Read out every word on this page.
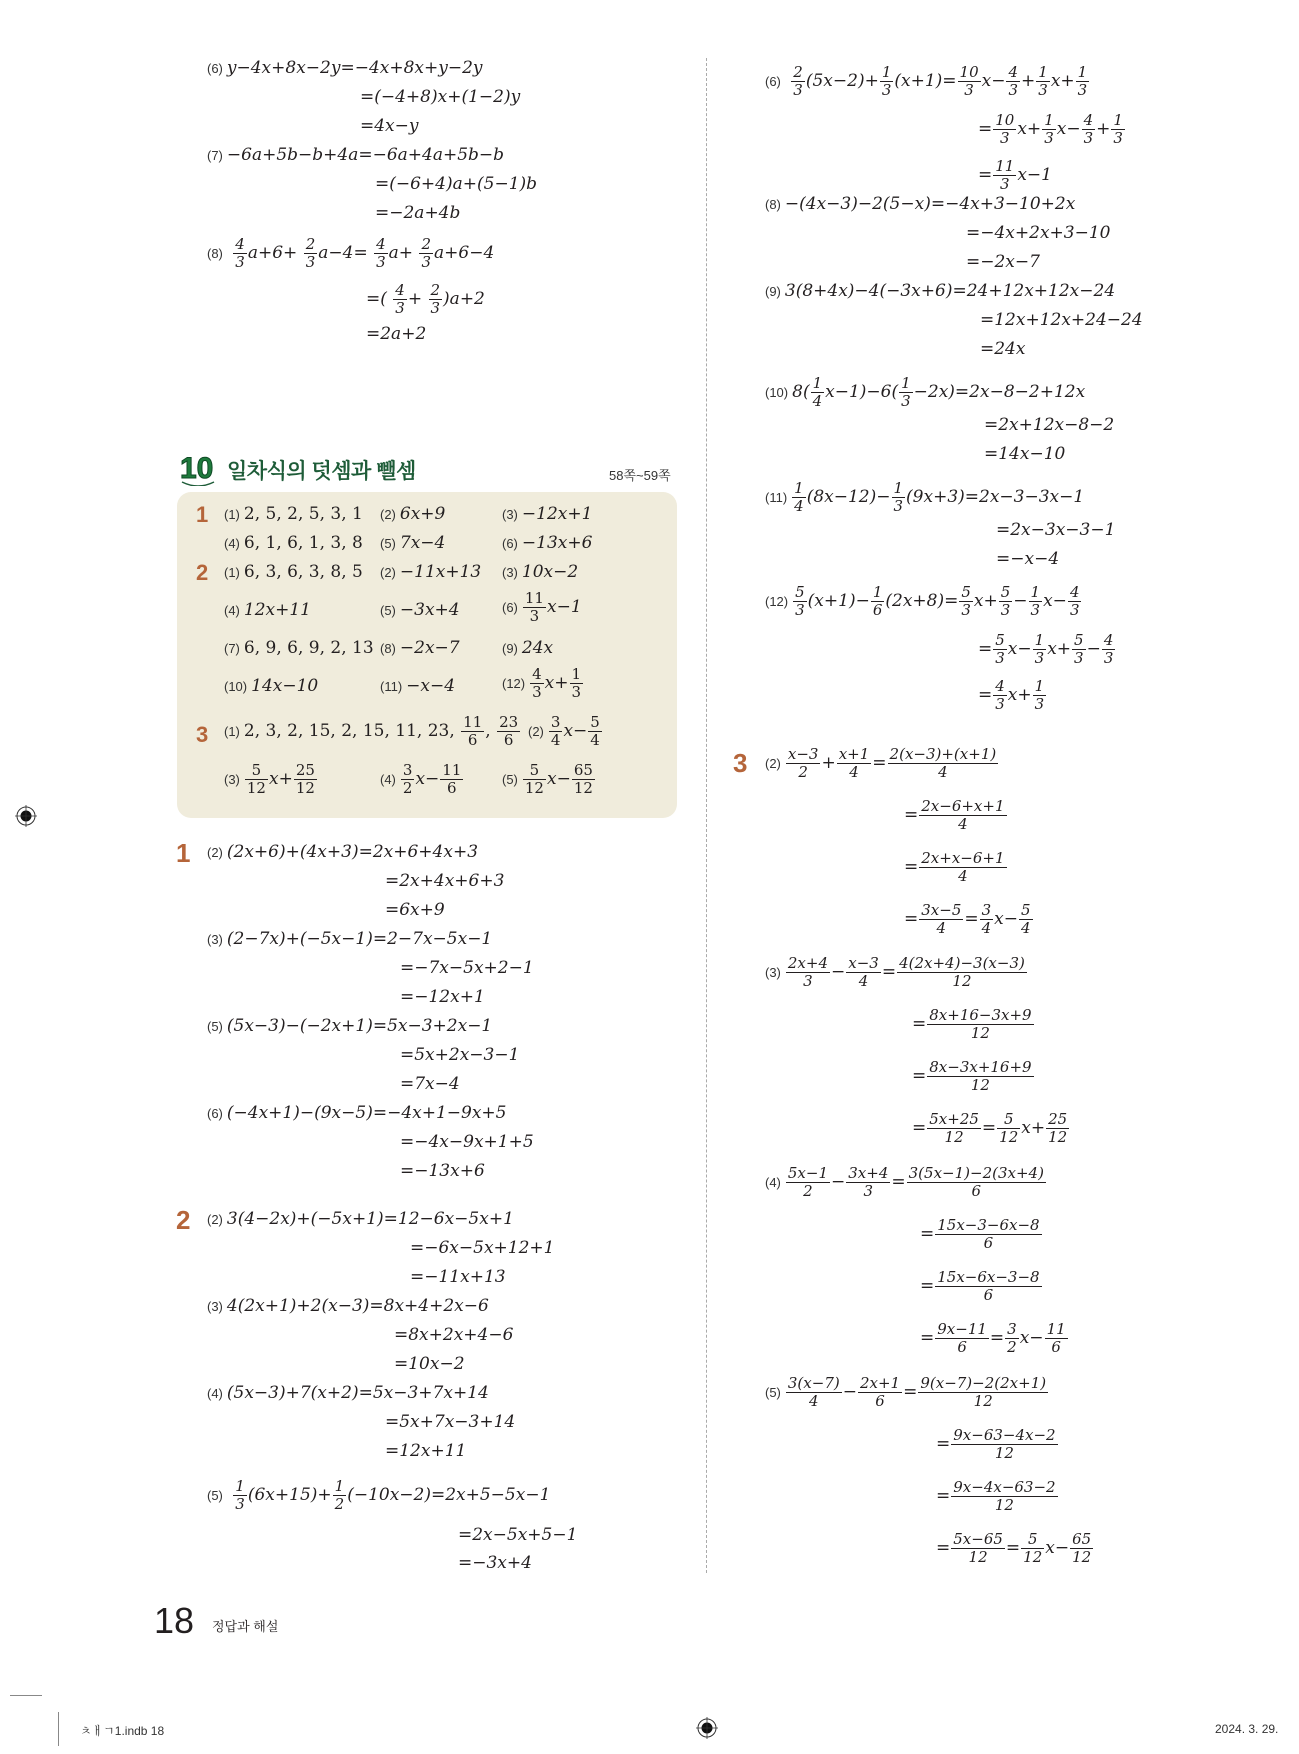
(6) y−4x+8x−2y=−4x+8x+y−2y
=(−4+8)x+(1−2)y
=4x−y
(7) −6a+5b−b+4a=−6a+4a+5b−b
=(−6+4)a+(5−1)b
=−2a+4b
$(8) \frac{4}{3} a+6+ \frac{2}{3} a-4= \frac{4}{3} a+ \frac{2}{3} a+6-4$
=( $\frac{4}{3} + \frac{2}{3} )a+2$
=2a+2
10 일차식의 덧셈과 뺄셈	58쪽~59쪽
1 (1) 2, 5, 2, 5, 3, 1 (2) 6x+9	(3) −12x+1
(4) 6, 1, 6, 1, 3, 8 (5) 7x−4	(6) −13x+6
2 (1) 6, 3, 6, 3, 8, 5 (2) −11x+13 (3) 10x−2
(4) 12x+11	(5) −3x+4	$(6) \frac{11}{3} x-1$
(7) 6, 9, 6, 9, 2, 13 (8) −2x−7	(9) 24x
(10) 14x−10	(11) −x−4	$(12) \frac{4}{3} x+ \frac{1}{3}$
3 (1) 2, 3, 2, 15, 2, 15, 11, 23, $\frac{11}{6}$ , $\frac{23}{6} (2) \frac{3}{4} x- \frac{5}{4}$
$(3) \frac{5}{12} x+ \frac{25}{12}$	$(4) \frac{3}{2} x- \frac{11}{6}$	$(5) \frac{5}{12} x- \frac{65}{12}$
1 (2) (2x+6)+(4x+3)=2x+6+4x+3
=2x+4x+6+3
=6x+9
(3) (2−7x)+(−5x−1)=2−7x−5x−1
=−7x−5x+2−1
=−12x+1
(5) (5x−3)−(−2x+1)=5x−3+2x−1
=5x+2x−3−1
=7x−4
(6) (−4x+1)−(9x−5)=−4x+1−9x+5
=−4x−9x+1+5
=−13x+6
2 (2) 3(4−2x)+(−5x+1)=12−6x−5x+1
=−6x−5x+12+1
=−11x+13
(3) 4(2x+1)+2(x−3)=8x+4+2x−6
=8x+2x+4−6
=10x−2
(4) (5x−3)+7(x+2)=5x−3+7x+14
=5x+7x−3+14
=12x+11
$(5) \frac{1}{3} (6x+15)+ \frac{1}{2} (-10x-2)=2x+5-5x-1$
=2x−5x+5−1
=−3x+4
$(6) \frac{2}{3} (5x-2)+ \frac{1}{3} (x+1)= \frac{10}{3} x- \frac{4}{3} + \frac{1}{3} x+ \frac{1}{3}$
= $\frac{10}{3} x+ \frac{1}{3} x- \frac{4}{3} + \frac{1}{3}$
= $\frac{11}{3} x-1$
(8) −(4x−3)−2(5−x)=−4x+3−10+2x
=−4x+2x+3−10
=−2x−7
(9) 3(8+4x)−4(−3x+6)=24+12x+12x−24
=12x+12x+24−24
=24x
(10) $8( \frac{1}{4} x-1)-6( \frac{1}{3} -2x)=2x-8-2+12x$
=2x+12x−8−2
=14x−10
$(11) \frac{1}{4} (8x-12)- \frac{1}{3} (9x+3)=2x-3-3x-1$
=2x−3x−3−1
=−x−4
$(12) \frac{5}{3} (x+1)- \frac{1}{6} (2x+8)= \frac{5}{3} x+ \frac{5}{3} - \frac{1}{3} x- \frac{4}{3}$
= $\frac{5}{3} x- \frac{1}{3} x+ \frac{5}{3} - \frac{4}{3}$
= $\frac{4}{3} x+ \frac{1}{3}$
3 $(2) \frac{x-3}{2} + \frac{x+1}{4} = \frac{2(x-3)+(x+1)}{4}$
= $\frac{2x-6+x+1}{4}$
= $\frac{2x+x-6+1}{4}$
= $\frac{3x-5}{4} = \frac{3}{4} x- \frac{5}{4}$
$(3) \frac{2x+4}{3} - \frac{x-3}{4} = \frac{4(2x+4)-3(x-3)}{12}$
= $\frac{8x+16-3x+9}{12}$
= $\frac{8x-3x+16+9}{12}$
= $\frac{5x+25}{12} = \frac{5}{12} x+ \frac{25}{12}$
$(4) \frac{5x-1}{2} - \frac{3x+4}{3} = \frac{3(5x-1)-2(3x+4)}{6}$
= $\frac{15x-3-6x-8}{6}$
= $\frac{15x-6x-3-8}{6}$
= $\frac{9x-11}{6} = \frac{3}{2} x- \frac{11}{6}$
$(5) \frac{3(x-7)}{4} - \frac{2x+1}{6} = \frac{9(x-7)-2(2x+1)}{12}$
= $\frac{9x-63-4x-2}{12}$
= $\frac{9x-4x-63-2}{12}$
= $\frac{5x-65}{12} = \frac{5}{12} x- \frac{65}{12}$
18 정답과 해설
ㅊㅐㄱ1.indb 18	2024. 3. 29.
